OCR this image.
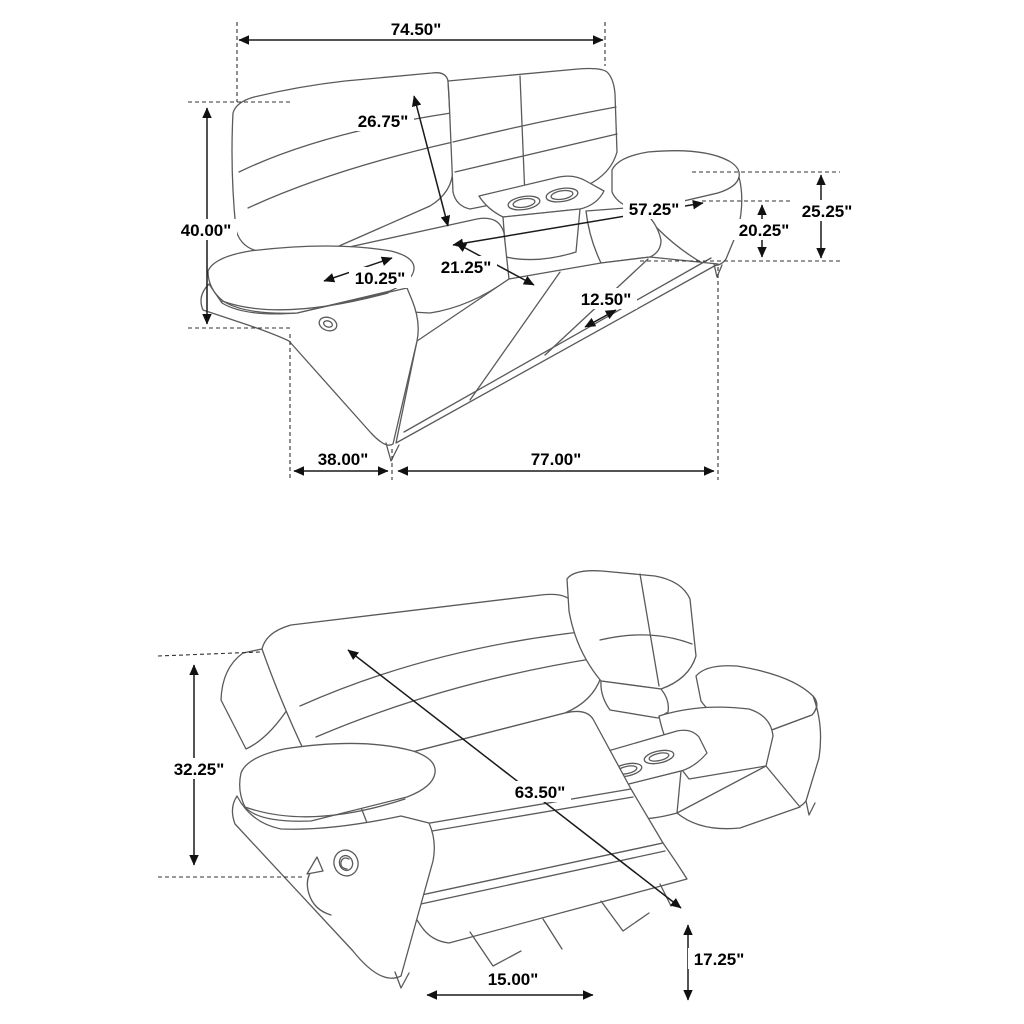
74.50"
40.00"
26.75"
10.25"
21.25"
57.25"
12.50"
20.25"
25.25"
38.00"	77.00"
32.25"
63.50"
15.00"
17.25"
